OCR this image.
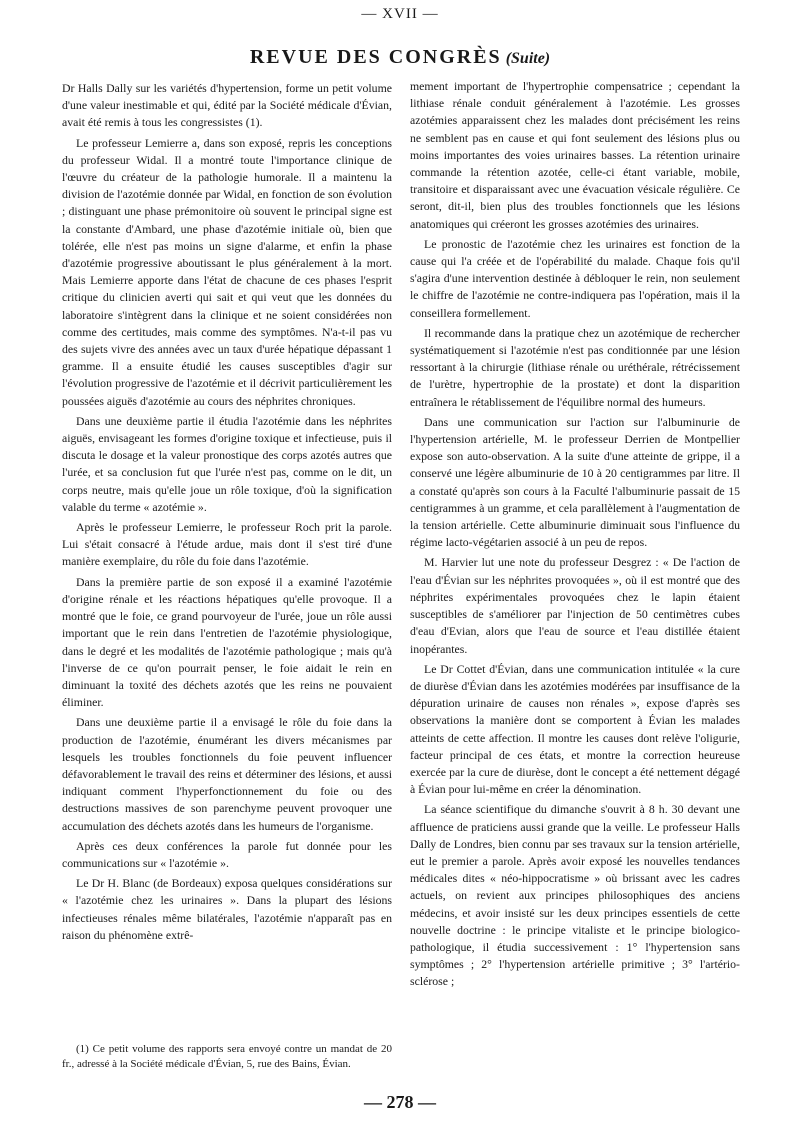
— XVII —
REVUE DES CONGRÈS (Suite)

Dr Halls Dally sur les variétés d'hypertension, forme un petit volume d'une valeur inestimable et qui, édité par la Société médicale d'Évian, avait été remis à tous les congressistes (1).

Le professeur Lemierre a, dans son exposé, repris les conceptions du professeur Widal. Il a montré toute l'importance clinique de l'œuvre du créateur de la pathologie humorale. Il a maintenu la division de l'azotémie donnée par Widal, en fonction de son évolution ; distinguant une phase prémonitoire où souvent le principal signe est la constante d'Ambard, une phase d'azotémie initiale où, bien que tolérée, elle n'est pas moins un signe d'alarme, et enfin la phase d'azotémie progressive aboutissant le plus généralement à la mort. Mais Lemierre apporte dans l'état de chacune de ces phases l'esprit critique du clinicien averti qui sait et qui veut que les données du laboratoire s'intègrent dans la clinique et ne soient considérées non comme des certitudes, mais comme des symptômes. N'a-t-il pas vu des sujets vivre des années avec un taux d'urée hépatique dépassant 1 gramme. Il a ensuite étudié les causes susceptibles d'agir sur l'évolution progressive de l'azotémie et il décrivit particulièrement les poussées aiguës d'azotémie au cours des néphrites chroniques.

Dans une deuxième partie il étudia l'azotémie dans les néphrites aiguës, envisageant les formes d'origine toxique et infectieuse, puis il discuta le dosage et la valeur pronostique des corps azotés autres que l'urée, et sa conclusion fut que l'urée n'est pas, comme on le dit, un corps neutre, mais qu'elle joue un rôle toxique, d'où la signification valable du terme « azotémie ».

Après le professeur Lemierre, le professeur Roch prit la parole. Lui s'était consacré à l'étude ardue, mais dont il s'est tiré d'une manière exemplaire, du rôle du foie dans l'azotémie.

Dans la première partie de son exposé il a examiné l'azotémie d'origine rénale et les réactions hépatiques qu'elle provoque. Il a montré que le foie, ce grand pourvoyeur de l'urée, joue un rôle aussi important que le rein dans l'entretien de l'azotémie physiologique, dans le degré et les modalités de l'azotémie pathologique ; mais qu'à l'inverse de ce qu'on pourrait penser, le foie aidait le rein en diminuant la toxité des déchets azotés que les reins ne pouvaient éliminer.

Dans une deuxième partie il a envisagé le rôle du foie dans la production de l'azotémie, énumérant les divers mécanismes par lesquels les troubles fonctionnels du foie peuvent influencer défavorablement le travail des reins et déterminer des lésions, et aussi indiquant comment l'hyperfonctionnement du foie ou des destructions massives de son parenchyme peuvent provoquer une accumulation des déchets azotés dans les humeurs de l'organisme.

Après ces deux conférences la parole fut donnée pour les communications sur « l'azotémie ».

Le Dr H. Blanc (de Bordeaux) exposa quelques considérations sur « l'azotémie chez les urinaires ». Dans la plupart des lésions infectieuses rénales même bilatérales, l'azotémie n'apparaît pas en raison du phénomène extrê-

mement important de l'hypertrophie compensatrice ; cependant la lithiase rénale conduit généralement à l'azotémie. Les grosses azotémies apparaissent chez les malades dont précisément les reins ne semblent pas en cause et qui font seulement des lésions plus ou moins importantes des voies urinaires basses. La rétention urinaire commande la rétention azotée, celle-ci étant variable, mobile, transitoire et disparaissant avec une évacuation vésicale régulière. Ce seront, dit-il, bien plus des troubles fonctionnels que les lésions anatomiques qui créeront les grosses azotémies des urinaires.

Le pronostic de l'azotémie chez les urinaires est fonction de la cause qui l'a créée et de l'opérabilité du malade. Chaque fois qu'il s'agira d'une intervention destinée à débloquer le rein, non seulement le chiffre de l'azotémie ne contre-indiquera pas l'opération, mais il la conseillera formellement.

Il recommande dans la pratique chez un azotémique de rechercher systématiquement si l'azotémie n'est pas conditionnée par une lésion ressortant à la chirurgie (lithiase rénale ou uréthérale, rétrécissement de l'urètre, hypertrophie de la prostate) et dont la disparition entraînera le rétablissement de l'équilibre normal des humeurs.

Dans une communication sur l'action sur l'albuminurie de l'hypertension artérielle, M. le professeur Derrien de Montpellier expose son auto-observation. A la suite d'une atteinte de grippe, il a conservé une légère albuminurie de 10 à 20 centigrammes par litre. Il a constaté qu'après son cours à la Faculté l'albuminurie passait de 15 centigrammes à un gramme, et cela parallèlement à l'augmentation de la tension artérielle. Cette albuminurie diminuait sous l'influence du régime lacto-végétarien associé à un peu de repos.

M. Harvier lut une note du professeur Desgrez : « De l'action de l'eau d'Évian sur les néphrites provoquées », où il est montré que des néphrites expérimentales provoquées chez le lapin étaient susceptibles de s'améliorer par l'injection de 50 centimètres cubes d'eau d'Evian, alors que l'eau de source et l'eau distillée étaient inopérantes.

Le Dr Cottet d'Évian, dans une communication intitulée « la cure de diurèse d'Évian dans les azotémies modérées par insuffisance de la dépuration urinaire de causes non rénales », expose d'après ses observations la manière dont se comportent à Évian les malades atteints de cette affection. Il montre les causes dont relève l'oligurie, facteur principal de ces états, et montre la correction heureuse exercée par la cure de diurèse, dont le concept a été nettement dégagé à Évian pour lui-même en créer la dénomination.

La séance scientifique du dimanche s'ouvrit à 8 h. 30 devant une affluence de praticiens aussi grande que la veille. Le professeur Halls Dally de Londres, bien connu par ses travaux sur la tension artérielle, eut le premier a parole. Après avoir exposé les nouvelles tendances médicales dites « néo-hippocratisme » où brissant avec les cadres actuels, on revient aux principes philosophiques des anciens médecins, et avoir insisté sur les deux principes essentiels de cette nouvelle doctrine : le principe vitaliste et le principe biologico-pathologique, il étudia successivement : 1° l'hypertension sans symptômes ; 2° l'hypertension artérielle primitive ; 3° l'artério-sclérose ;

(1) Ce petit volume des rapports sera envoyé contre un mandat de 20 fr., adressé à la Société médicale d'Évian, 5, rue des Bains, Évian.

— 278 —
